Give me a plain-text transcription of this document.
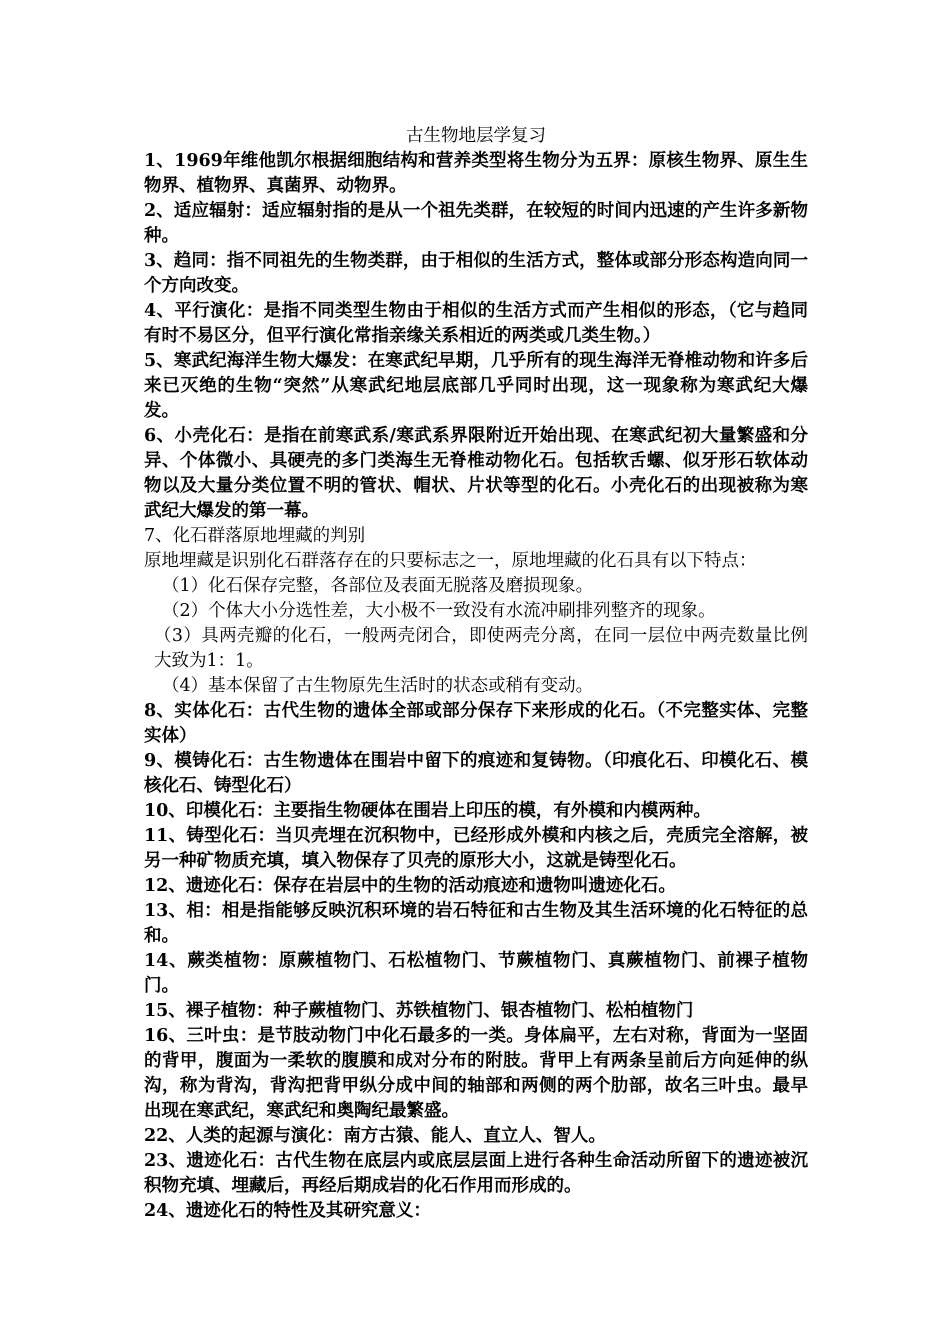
古生物地层学复习

1、1969年维他凯尔根据细胞结构和营养类型将生物分为五界：原核生物界、原生生物界、植物界、真菌界、动物界。

2、适应辐射：适应辐射指的是从一个祖先类群，在较短的时间内迅速的产生许多新物种。

3、趋同：指不同祖先的生物类群，由于相似的生活方式，整体或部分形态构造向同一个方向改变。

4、平行演化：是指不同类型生物由于相似的生活方式而产生相似的形态，（它与趋同有时不易区分，但平行演化常指亲缘关系相近的两类或几类生物。）

5、寒武纪海洋生物大爆发：在寒武纪早期，几乎所有的现生海洋无脊椎动物和许多后来已灭绝的生物“突然”从寒武纪地层底部几乎同时出现，这一现象称为寒武纪大爆发。

6、小壳化石：是指在前寒武系/寒武系界限附近开始出现、在寒武纪初大量繁盛和分异、个体微小、具硬壳的多门类海生无脊椎动物化石。包括软舌螺、似牙形石软体动物以及大量分类位置不明的管状、帽状、片状等型的化石。小壳化石的出现被称为寒武纪大爆发的第一幕。

7、化石群落原地埋藏的判别

原地埋藏是识别化石群落存在的只要标志之一，原地埋藏的化石具有以下特点：

（1）化石保存完整，各部位及表面无脱落及磨损现象。

（2）个体大小分选性差，大小极不一致没有水流冲刷排列整齐的现象。

（3）具两壳瓣的化石，一般两壳闭合，即使两壳分离，在同一层位中两壳数量比例大致为1：1。

（4）基本保留了古生物原先生活时的状态或稍有变动。

8、实体化石：古代生物的遗体全部或部分保存下来形成的化石。（不完整实体、完整实体）

9、模铸化石：古生物遗体在围岩中留下的痕迹和复铸物。（印痕化石、印模化石、模核化石、铸型化石）

10、印模化石：主要指生物硬体在围岩上印压的模，有外模和内模两种。

11、铸型化石：当贝壳埋在沉积物中，已经形成外模和内核之后，壳质完全溶解，被另一种矿物质充填，填入物保存了贝壳的原形大小，这就是铸型化石。

12、遗迹化石：保存在岩层中的生物的活动痕迹和遗物叫遗迹化石。

13、相：相是指能够反映沉积环境的岩石特征和古生物及其生活环境的化石特征的总和。

14、蕨类植物：原蕨植物门、石松植物门、节蕨植物门、真蕨植物门、前裸子植物门。

15、裸子植物：种子蕨植物门、苏铁植物门、银杏植物门、松柏植物门

16、三叶虫：是节肢动物门中化石最多的一类。身体扁平，左右对称，背面为一坚固的背甲，腹面为一柔软的腹膜和成对分布的附肢。背甲上有两条呈前后方向延伸的纵沟，称为背沟，背沟把背甲纵分成中间的轴部和两侧的两个肋部，故名三叶虫。最早出现在寒武纪，寒武纪和奥陶纪最繁盛。

22、人类的起源与演化：南方古猿、能人、直立人、智人。

23、遗迹化石：古代生物在底层内或底层层面上进行各种生命活动所留下的遗迹被沉积物充填、埋藏后，再经后期成岩的化石作用而形成的。

24、遗迹化石的特性及其研究意义：
